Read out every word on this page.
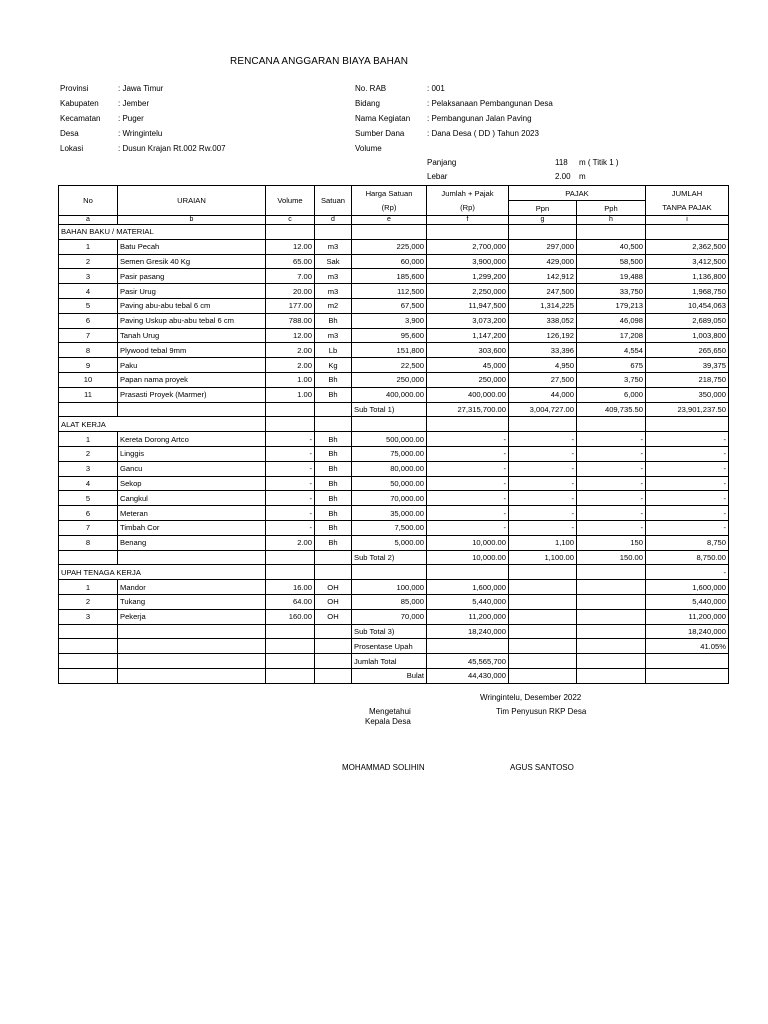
RENCANA ANGGARAN BIAYA BAHAN
Provinsi	: Jawa Timur
Kabupaten : Jember
Kecamatan : Puger
Desa	: Wringintelu
Lokasi	: Dusun Krajan Rt.002 Rw.007
No. RAB	: 001
Bidang	: Pelaksanaan Pembangunan Desa
Nama Kegiatan : Pembangunan Jalan Paving
Sumber Dana	: Dana Desa ( DD ) Tahun 2023
Volume
Panjang	118 m ( Titik 1 )
Lebar	2.00 m
No	URAIAN	Volume	Satuan	Harga Satuan	Jumlah + Pajak	PAJAK		JUMLAH
				(Rp)	(Rp)	Ppn	Pph	TANPA PAJAK
a	b	c	d	e	f	g	h	i
BAHAN BAKU / MATERIAL								
1	Batu Pecah	12.00	m3	225,000	2,700,000	297,000	40,500	2,362,500
2	Semen Gresik 40 Kg	65.00	Sak	60,000	3,900,000	429,000	58,500	3,412,500
3	Pasir pasang	7.00	m3	185,600	1,299,200	142,912	19,488	1,136,800
4	Pasir Urug	20.00	m3	112,500	2,250,000	247,500	33,750	1,968,750
5	Paving abu-abu tebal 6 cm	177.00	m2	67,500	11,947,500	1,314,225	179,213	10,454,063
6	Paving Uskup abu-abu tebal 6 cm	788.00	Bh	3,900	3,073,200	338,052	46,098	2,689,050
7	Tanah Urug	12.00	m3	95,600	1,147,200	126,192	17,208	1,003,800
8	Plywood tebal 9mm	2.00	Lb	151,800	303,600	33,396	4,554	265,650
9	Paku	2.00	Kg	22,500	45,000	4,950	675	39,375
10	Papan nama proyek	1.00	Bh	250,000	250,000	27,500	3,750	218,750
11	Prasasti Proyek (Marmer)	1.00	Bh	400,000.00	400,000.00	44,000	6,000	350,000
				Sub Total 1)	27,315,700.00	3,004,727.00	409,735.50	23,901,237.50
ALAT KERJA								
1	Kereta Dorong Artco	-	Bh	500,000.00	-	-	-	-
2	Linggis	-	Bh	75,000.00	-	-	-	-
3	Gancu	-	Bh	80,000.00	-	-	-	-
4	Sekop	-	Bh	50,000.00	-	-	-	-
5	Cangkul	-	Bh	70,000.00	-	-	-	-
6	Meteran	-	Bh	35,000.00	-	-	-	-
7	Timbah Cor	-	Bh	7,500.00	-	-	-	-
8	Benang	2.00	Bh	5,000.00	10,000.00	1,100	150	8,750
				Sub Total 2)	10,000.00	1,100.00	150.00	8,750.00
UPAH TENAGA KERJA								-
1	Mandor	16.00	OH	100,000	1,600,000			1,600,000
2	Tukang	64.00	OH	85,000	5,440,000			5,440,000
3	Pekerja	160.00	OH	70,000	11,200,000			11,200,000
				Sub Total 3)	18,240,000			18,240,000
				Prosentase Upah				41.05%
				Jumlah Total	45,565,700			
				Bulat	44,430,000			
Wringintelu, Desember 2022
Mengetahui
Kepala Desa
Tim Penyusun RKP Desa
MOHAMMAD SOLIHIN	AGUS SANTOSO
